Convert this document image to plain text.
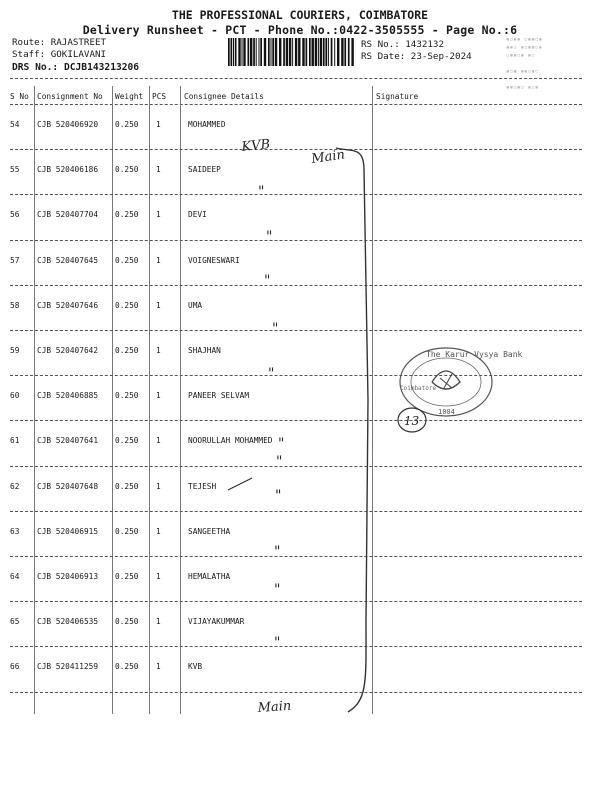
THE PROFESSIONAL COURIERS, COIMBATORE
Delivery Runsheet - PCT - Phone No.:0422-3505555 - Page No.:6
Route: RAJASTREET
Staff: GOKILAVANI
DRS No.: DCJB143213206
RS No.: 1432132
RS Date: 23-Sep-2024
▪▫▪▪ ▫▪▪▫▪
▪▪▫ ▪▫▪▪▫▪
▫▪▪▫▪ ▪▫

▪▫▪ ▪▪▫▪▫

▪▪▫▪▫ ▪▫▪
S No Consignment No Weight PCS Consignee Details	Signature
54 CJB 520406920 0.250 1	MOHAMMED
55 CJB 520406186 0.250 1	SAIDEEP
56 CJB 520407704 0.250 1	DEVI
57 CJB 520407645 0.250 1	VOIGNESWARI
58 CJB 520407646 0.250 1	UMA
59 CJB 520407642 0.250 1	SHAJHAN
60 CJB 520406885 0.250 1	PANEER SELVAM
61 CJB 520407641 0.250 1	NOORULLAH MOHAMMED
62 CJB 520407648 0.250 1	TEJESH
63 CJB 520406915 0.250 1	SANGEETHA
64 CJB 520406913 0.250 1	HEMALATHA
65 CJB 520406535 0.250 1	VIJAYAKUMMAR
66 CJB 520411259 0.250 1	KVB
The Karur Vysya Bank
Coimbatore
1004
KVB
Main
Main
"
"
"
"
"
"
"
"
"
"
"
13
